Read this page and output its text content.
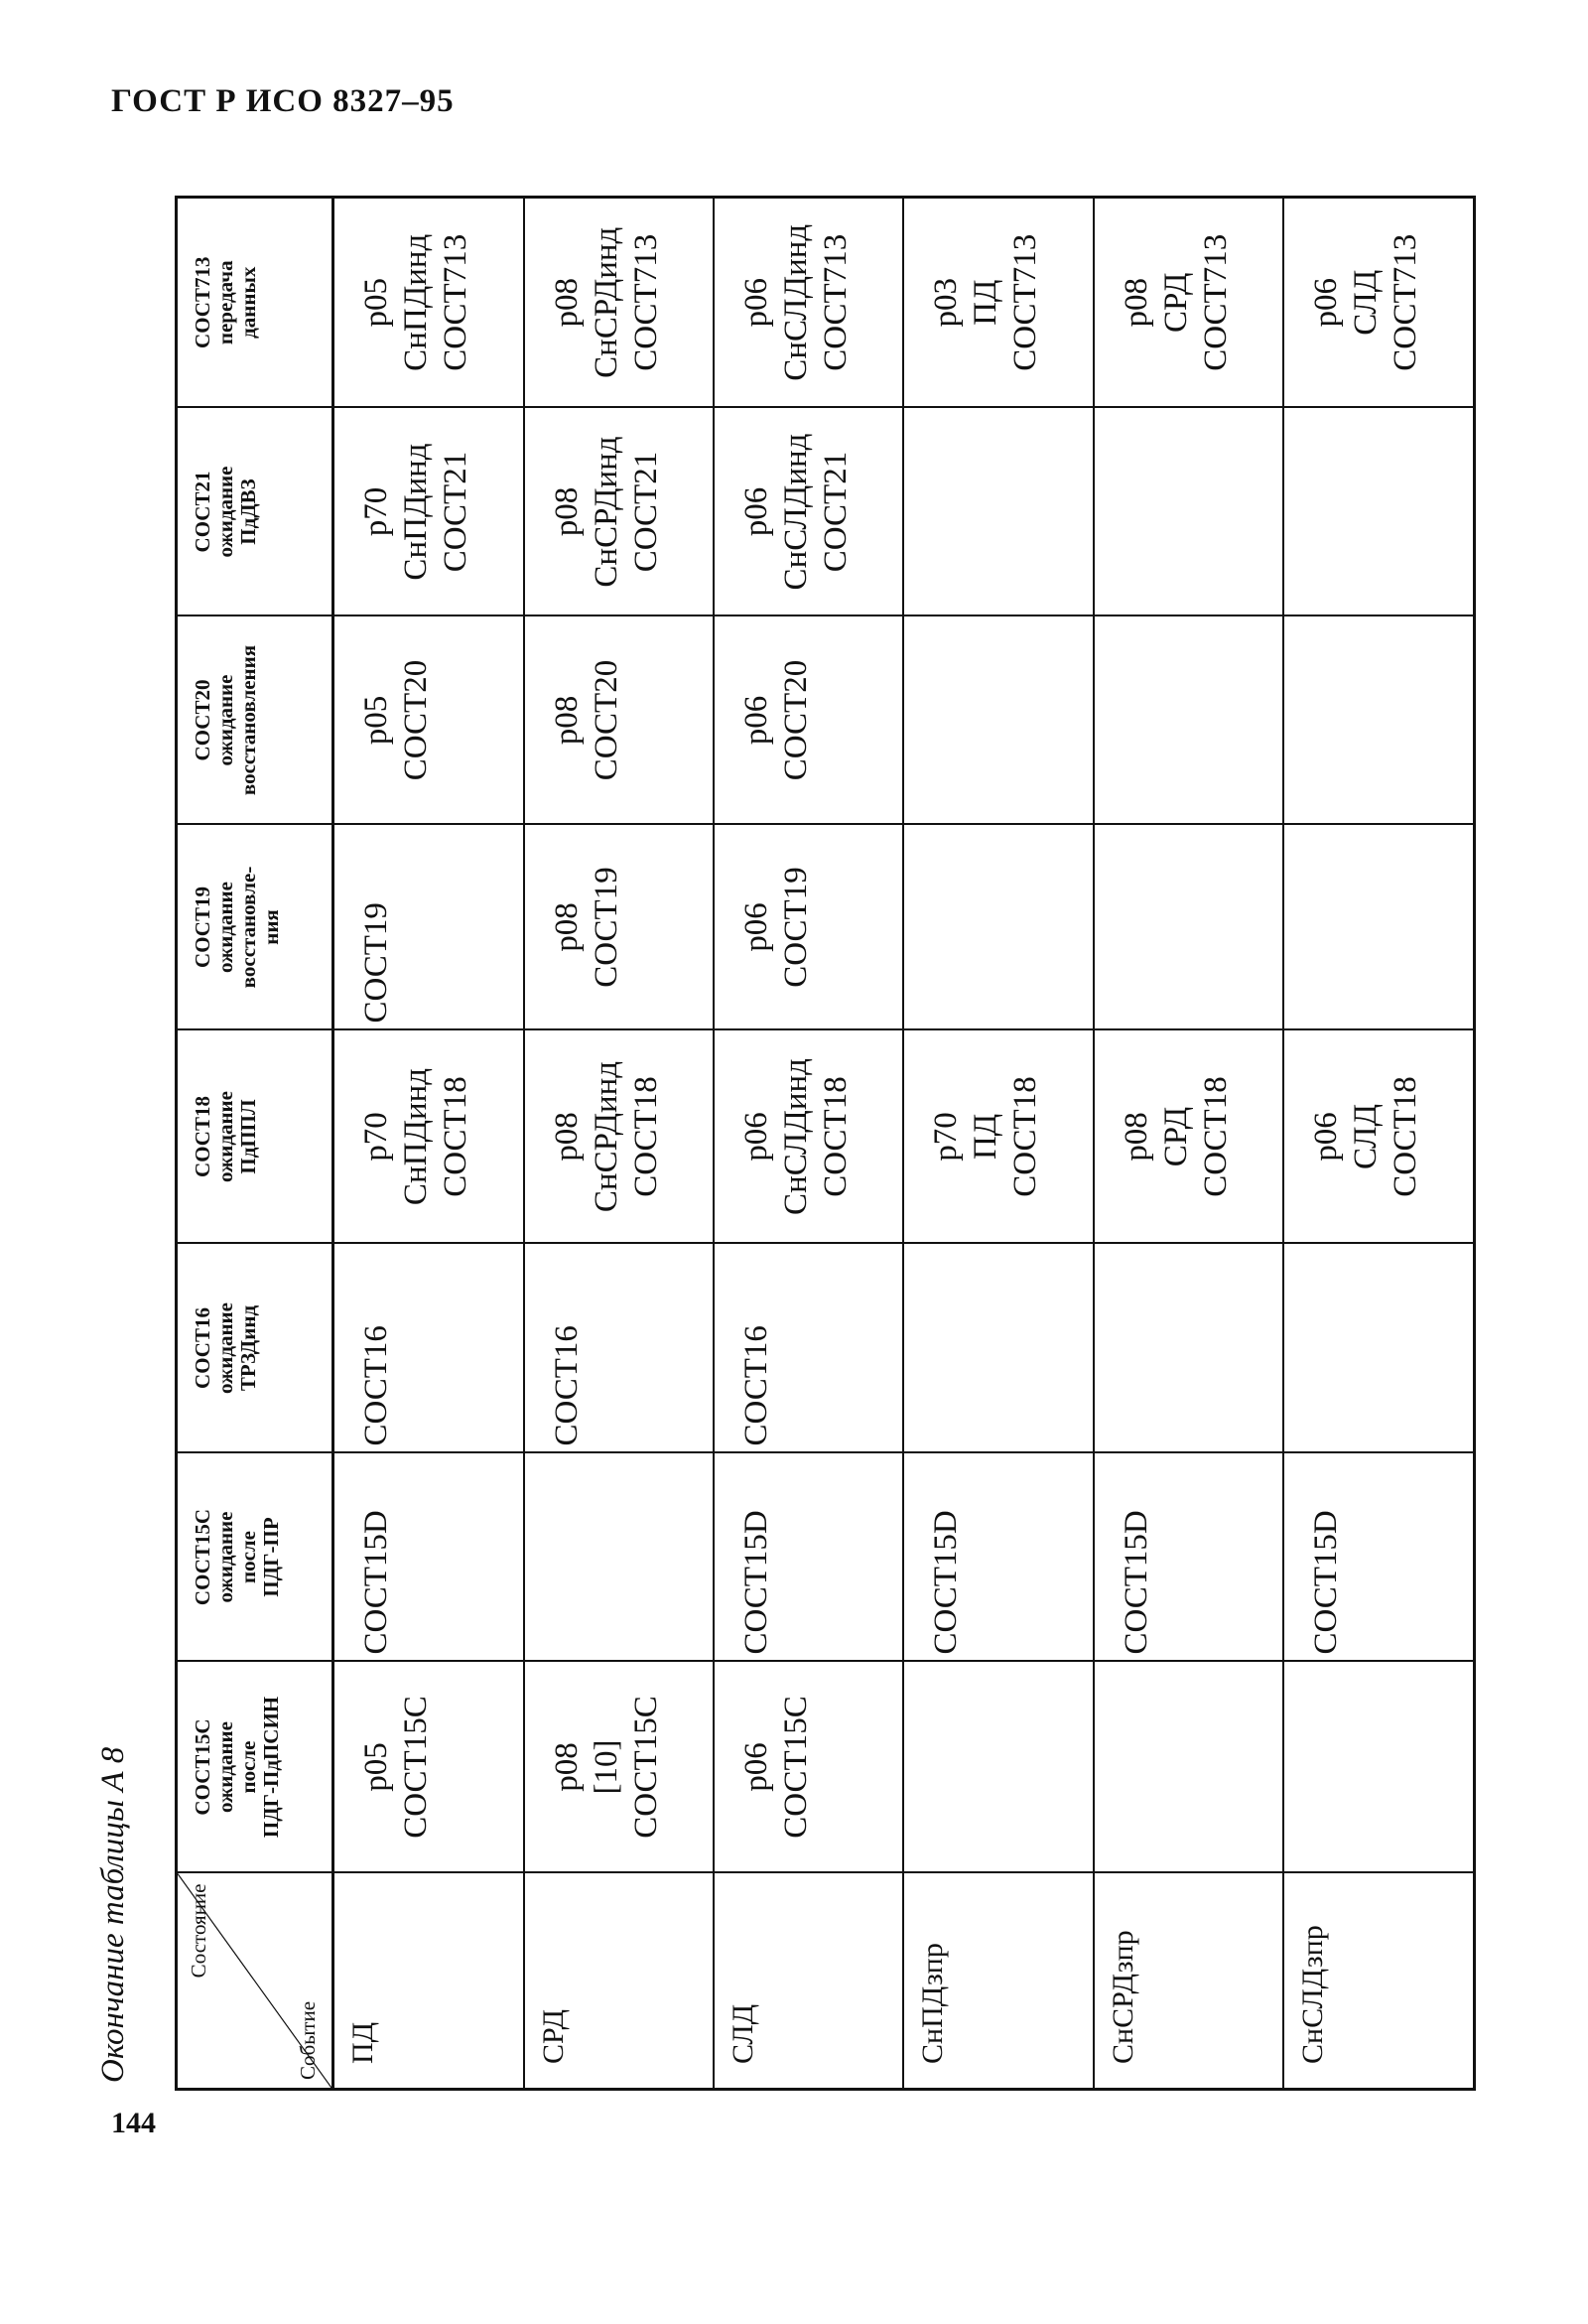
ГОСТ Р ИСО 8327–95
Окончание таблицы А 8	Состояние
Событие	СОСТ15С ожидание после ПДГ-ПдПСИН	СОСТ15С ожидание после ПДГ-ПР	СОСТ16 ожидание ТРЗДинд	СОСТ18 ожидание ПдППЛ	СОСТ19 ожидание восстановле- ния	СОСТ20 ожидание восстановления	СОСТ21 ожидание ПдДВЗ	СОСТ713 передача данных

ПД	р05 СОСТ15С	СОСТ15D	СОСТ16	р70 СнПДинд СОСТ18	СОСТ19	р05 СОСТ20	р70 СнПДинд СОСТ21	р05 СнПДинд СОСТ713

СРД	р08 [10] СОСТ15С		СОСТ16	р08 СнСРДинд СОСТ18	р08 СОСТ19	р08 СОСТ20	р08 СнСРДинд СОСТ21	р08 СнСРДинд СОСТ713

СЛД	р06 СОСТ15С	СОСТ15D	СОСТ16	р06 СнСЛДинд СОСТ18	р06 СОСТ19	р06 СОСТ20	р06 СнСЛДинд СОСТ21	р06 СнСЛДинд СОСТ713

СнПДзпр		СОСТ15D		р70 ПД СОСТ18				р03 ПД СОСТ713

СнСРДзпр		СОСТ15D		р08 СРД СОСТ18				р08 СРД СОСТ713

СнСЛДзпр		СОСТ15D		р06 СЛД СОСТ18				р06 СЛД СОСТ713
144
